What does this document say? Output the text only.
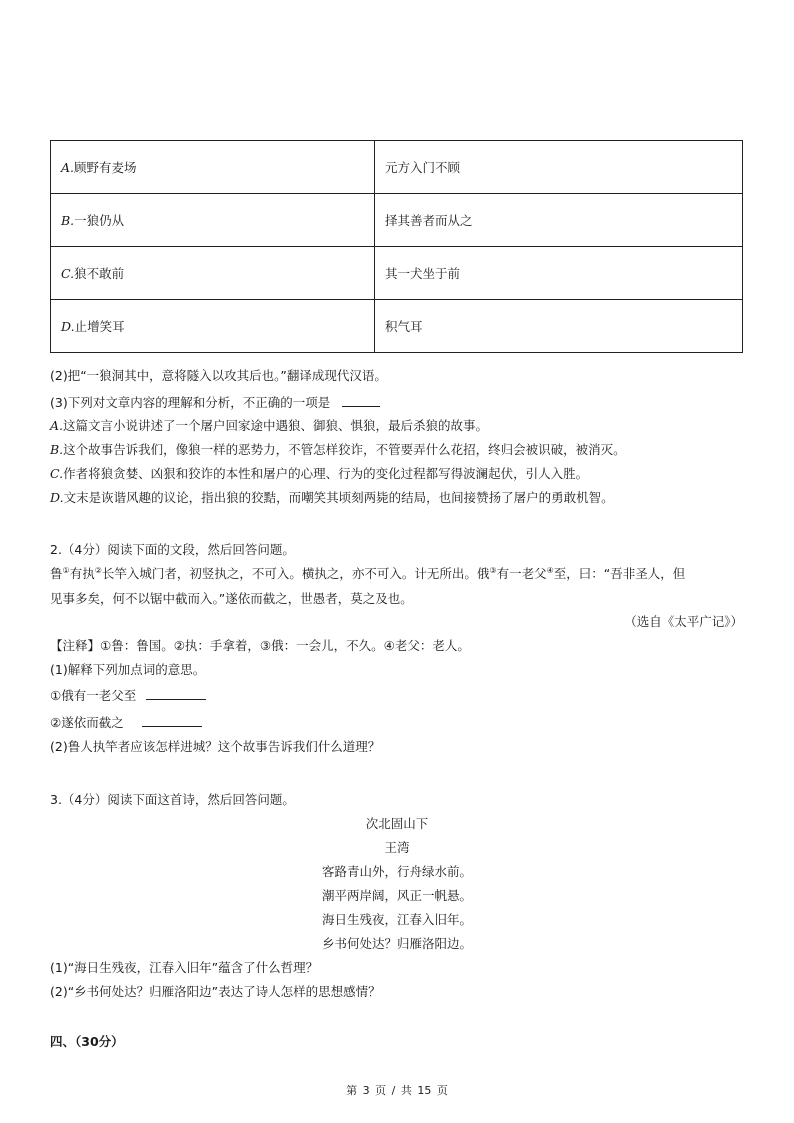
A.顾野有麦场	元方入门不顾
B.一狼仍从	择其善者而从之
C.狼不敢前	其一犬坐于前
D.止增笑耳	积气耳
(2)把“一狼洞其中，意将隧入以攻其后也。”翻译成现代汉语。
(3)下列对文章内容的理解和分析，不正确的一项是
A.这篇文言小说讲述了一个屠户回家途中遇狼、御狼、惧狼，最后杀狼的故事。
B.这个故事告诉我们，像狼一样的恶势力，不管怎样狡诈，不管要弄什么花招，终归会被识破，被消灭。
C.作者将狼贪婪、凶狠和狡诈的本性和屠户的心理、行为的变化过程都写得波澜起伏，引人入胜。
D.文末是诙谐风趣的议论，指出狼的狡黠，而嘲笑其顷刻两毙的结局，也间接赞扬了屠户的勇敢机智。
2.（4分）阅读下面的文段，然后回答问题。
鲁①有执②长竿入城门者，初竖执之，不可入。横执之，亦不可入。计无所出。俄③有一老父④至，曰：“吾非圣人，但
见事多矣，何不以锯中截而入。”遂依而截之，世愚者，莫之及也。
（选自《太平广记》）
【注释】①鲁：鲁国。②执：手拿着，③俄：一会儿，不久。④老父：老人。
(1)解释下列加点词的意思。
①俄有一老父至
②遂依而截之
(2)鲁人执竿者应该怎样进城？这个故事告诉我们什么道理？
3.（4分）阅读下面这首诗，然后回答问题。
次北固山下
王湾
客路青山外，行舟绿水前。
潮平两岸阔，风正一帆悬。
海日生残夜，江春入旧年。
乡书何处达？归雁洛阳边。
(1)“海日生残夜，江春入旧年”蕴含了什么哲理？
(2)“乡书何处达？归雁洛阳边”表达了诗人怎样的思想感情？
四、（30分）
第 3 页 / 共 15 页
